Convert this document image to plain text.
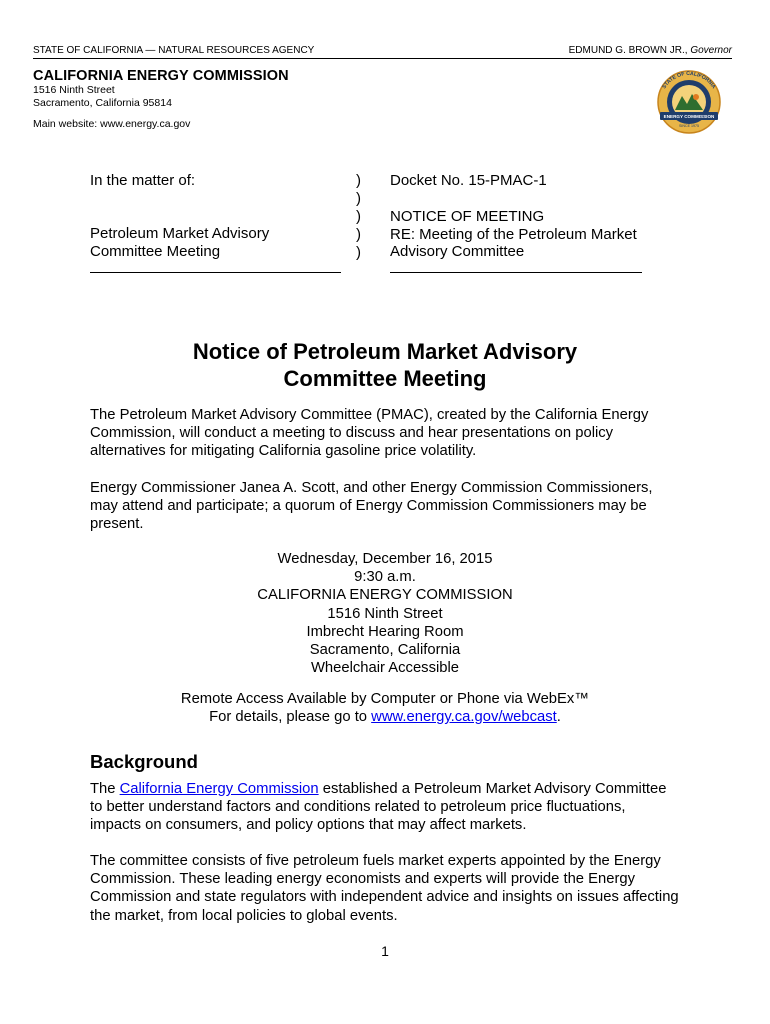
STATE OF CALIFORNIA — NATURAL RESOURCES AGENCY	EDMUND G. BROWN JR., Governor
CALIFORNIA ENERGY COMMISSION
1516 Ninth Street
Sacramento, California 95814
Main website: www.energy.ca.gov
STATE OF CALIFORNIA
ENERGY COMMISSION
SINCE 1975
In the matter of:
Petroleum Market Advisory
Committee Meeting
)
)
)
)
)
Docket No. 15-PMAC-1
NOTICE OF MEETING
RE: Meeting of the Petroleum Market
Advisory Committee
Notice of Petroleum Market Advisory
Committee Meeting
The Petroleum Market Advisory Committee (PMAC), created by the California Energy Commission, will conduct a meeting to discuss and hear presentations on policy alternatives for mitigating California gasoline price volatility.
Energy Commissioner Janea A. Scott, and other Energy Commission Commissioners, may attend and participate; a quorum of Energy Commission Commissioners may be present.
Wednesday, December 16, 2015
9:30 a.m.
CALIFORNIA ENERGY COMMISSION
1516 Ninth Street
Imbrecht Hearing Room
Sacramento, California
Wheelchair Accessible
Remote Access Available by Computer or Phone via WebEx™
For details, please go to www.energy.ca.gov/webcast.
Background
The California Energy Commission established a Petroleum Market Advisory Committee to better understand factors and conditions related to petroleum price fluctuations, impacts on consumers, and policy options that may affect markets.
The committee consists of five petroleum fuels market experts appointed by the Energy Commission. These leading energy economists and experts will provide the Energy Commission and state regulators with independent advice and insights on issues affecting the market, from local policies to global events.
1
